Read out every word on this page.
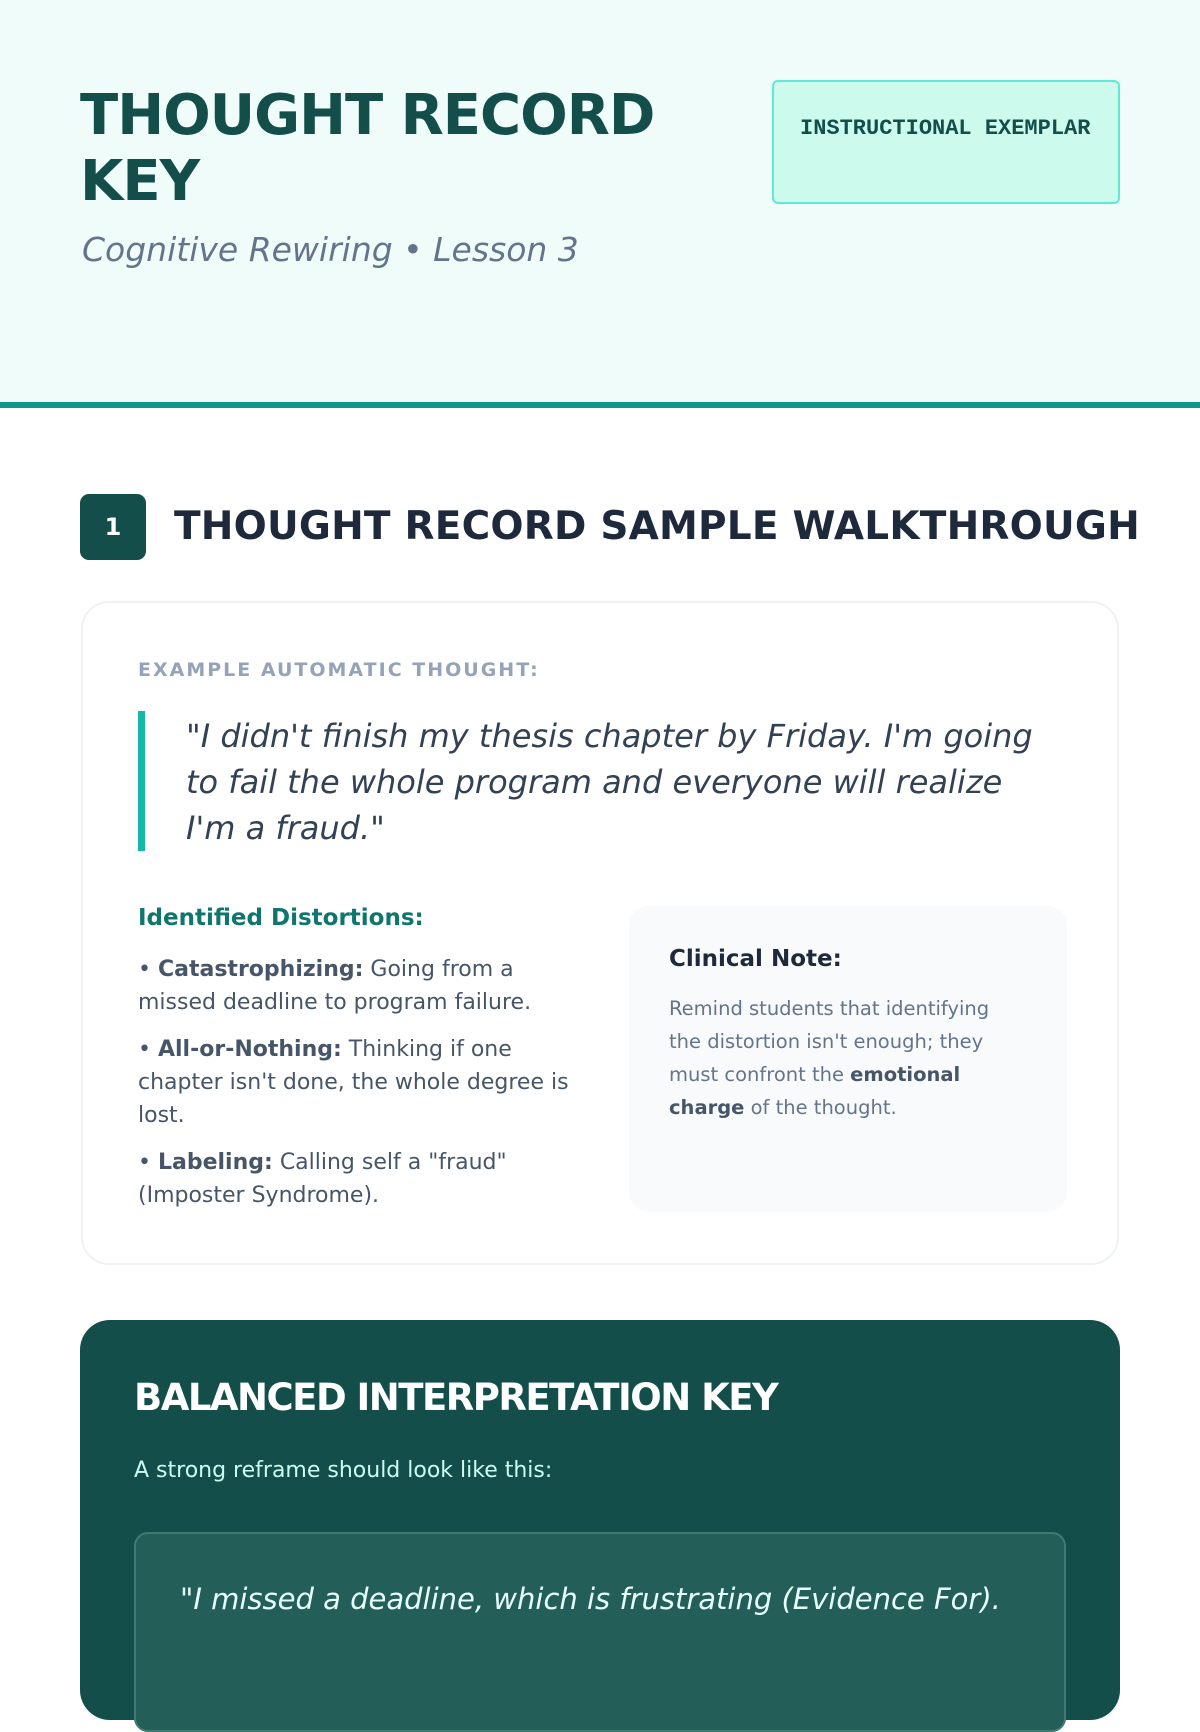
THOUGHT RECORD KEY
Cognitive Rewiring • Lesson 3
INSTRUCTIONAL EXEMPLAR
1	THOUGHT RECORD SAMPLE WALKTHROUGH
EXAMPLE AUTOMATIC THOUGHT:
"I didn't finish my thesis chapter by Friday. I'm going to fail the whole program and everyone will realize I'm a fraud."
Identified Distortions:
• Catastrophizing: Going from a missed deadline to program failure.
• All-or-Nothing: Thinking if one chapter isn't done, the whole degree is lost.
• Labeling: Calling self a "fraud" (Imposter Syndrome).
Clinical Note:
Remind students that identifying the distortion isn't enough; they must confront the emotional charge of the thought.
BALANCED INTERPRETATION KEY
A strong reframe should look like this:
"I missed a deadline, which is frustrating (Evidence For).
